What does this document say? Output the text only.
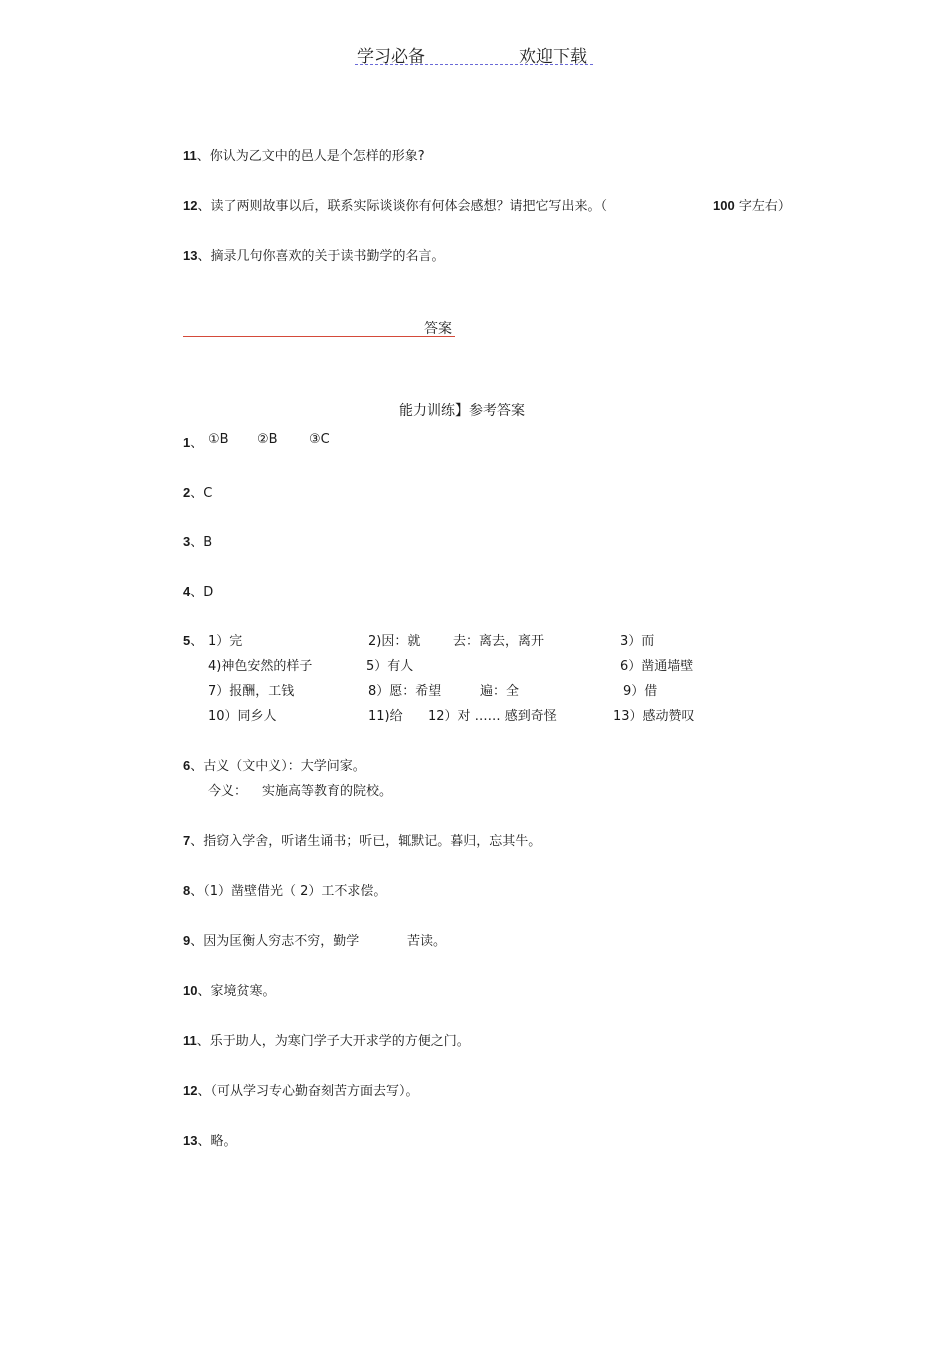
学习必备	欢迎下载
11、你认为乙文中的邑人是个怎样的形象?
12、读了两则故事以后，联系实际谈谈你有何体会感想？请把它写出来。（	100 字左右）
13、摘录几句你喜欢的关于读书勤学的名言。
答案
能力训练】参考答案
1、 ①B ②B ③C
2、C
3、B
4、D
5、 1）完	2)因：就	去：离去，离开	3）而
4)神色安然的样子	5）有人	6）凿通墙壁
7）报酬，工钱	8）愿：希望	遍：全	9）借
10）同乡人	11)给 12）对 …… 感到奇怪	13）感动赞叹
6、古义（文中义）：大学问家。
今义： 实施高等教育的院校。
7、指窃入学舍，听诸生诵书；听已，辄默记。暮归，忘其牛。
8、（1）凿壁借光（ 2）工不求偿。
9、因为匡衡人穷志不穷，勤学	苦读。
10、家境贫寒。
11、乐于助人，为寒门学子大开求学的方便之门。
12、（可从学习专心勤奋刻苦方面去写）。
13、略。
